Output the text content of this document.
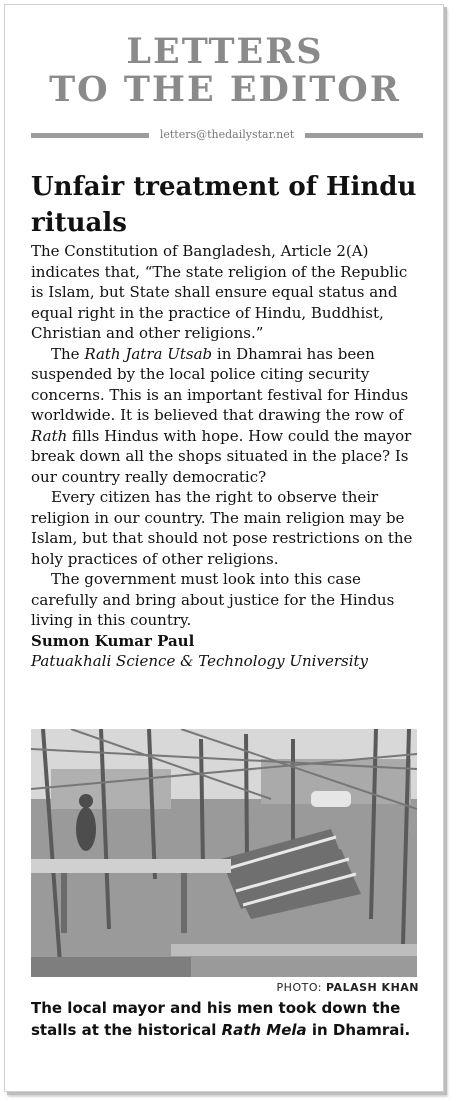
LETTERS
TO THE EDITOR
letters@thedailystar.net
Unfair treatment of Hindu rituals

The Constitution of Bangladesh, Article 2(A) indicates that, “The state religion of the Republic is Islam, but State shall ensure equal status and equal right in the practice of Hindu, Buddhist, Christian and other religions.”

The Rath Jatra Utsab in Dhamrai has been suspended by the local police citing security concerns. This is an important festival for Hindus worldwide. It is believed that drawing the row of Rath fills Hindus with hope. How could the mayor break down all the shops situated in the place? Is our country really democratic?

Every citizen has the right to observe their religion in our country. The main religion may be Islam, but that should not pose restrictions on the holy practices of other religions.

The government must look into this case carefully and bring about justice for the Hindus living in this country.

Sumon Kumar Paul
Patuakhali Science & Technology University
PHOTO: PALASH KHAN
The local mayor and his men took down the stalls at the historical Rath Mela in Dhamrai.
